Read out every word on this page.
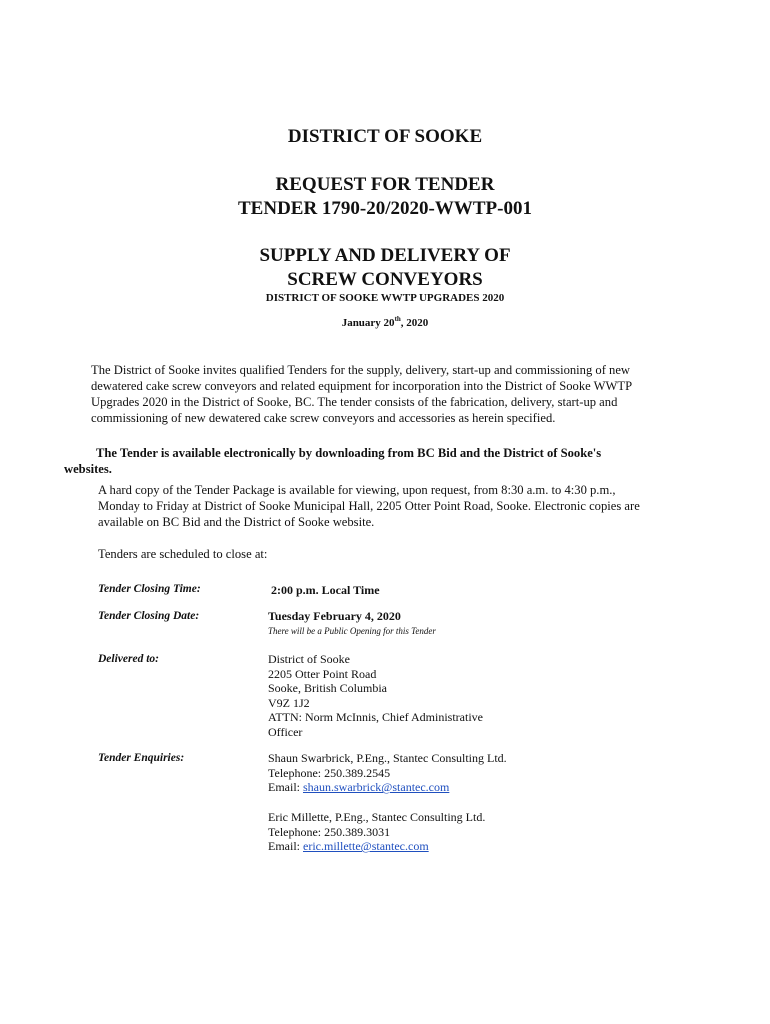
DISTRICT OF SOOKE
REQUEST FOR TENDER
TENDER 1790-20/2020-WWTP-001
SUPPLY AND DELIVERY OF
SCREW CONVEYORS
DISTRICT OF SOOKE WWTP UPGRADES 2020
January 20th, 2020

The District of Sooke invites qualified Tenders for the supply, delivery, start-up and commissioning of new
dewatered cake screw conveyors and related equipment for incorporation into the District of Sooke WWTP
Upgrades 2020 in the District of Sooke, BC. The tender consists of the fabrication, delivery, start-up and
commissioning of new dewatered cake screw conveyors and accessories as herein specified.

The Tender is available electronically by downloading from BC Bid and the District of Sooke's
websites.

A hard copy of the Tender Package is available for viewing, upon request, from 8:30 a.m. to 4:30 p.m.,
Monday to Friday at District of Sooke Municipal Hall, 2205 Otter Point Road, Sooke. Electronic copies are
available on BC Bid and the District of Sooke website.

Tenders are scheduled to close at:

Tender Closing Time:	2:00 p.m. Local Time
Tender Closing Date:	Tuesday February 4, 2020
There will be a Public Opening for this Tender
Delivered to:	District of Sooke
2205 Otter Point Road
Sooke, British Columbia
V9Z 1J2
ATTN: Norm McInnis, Chief Administrative
Officer
Tender Enquiries:	Shaun Swarbrick, P.Eng., Stantec Consulting Ltd.
Telephone: 250.389.2545
Email: shaun.swarbrick@stantec.com
Eric Millette, P.Eng., Stantec Consulting Ltd.
Telephone: 250.389.3031
Email: eric.millette@stantec.com
